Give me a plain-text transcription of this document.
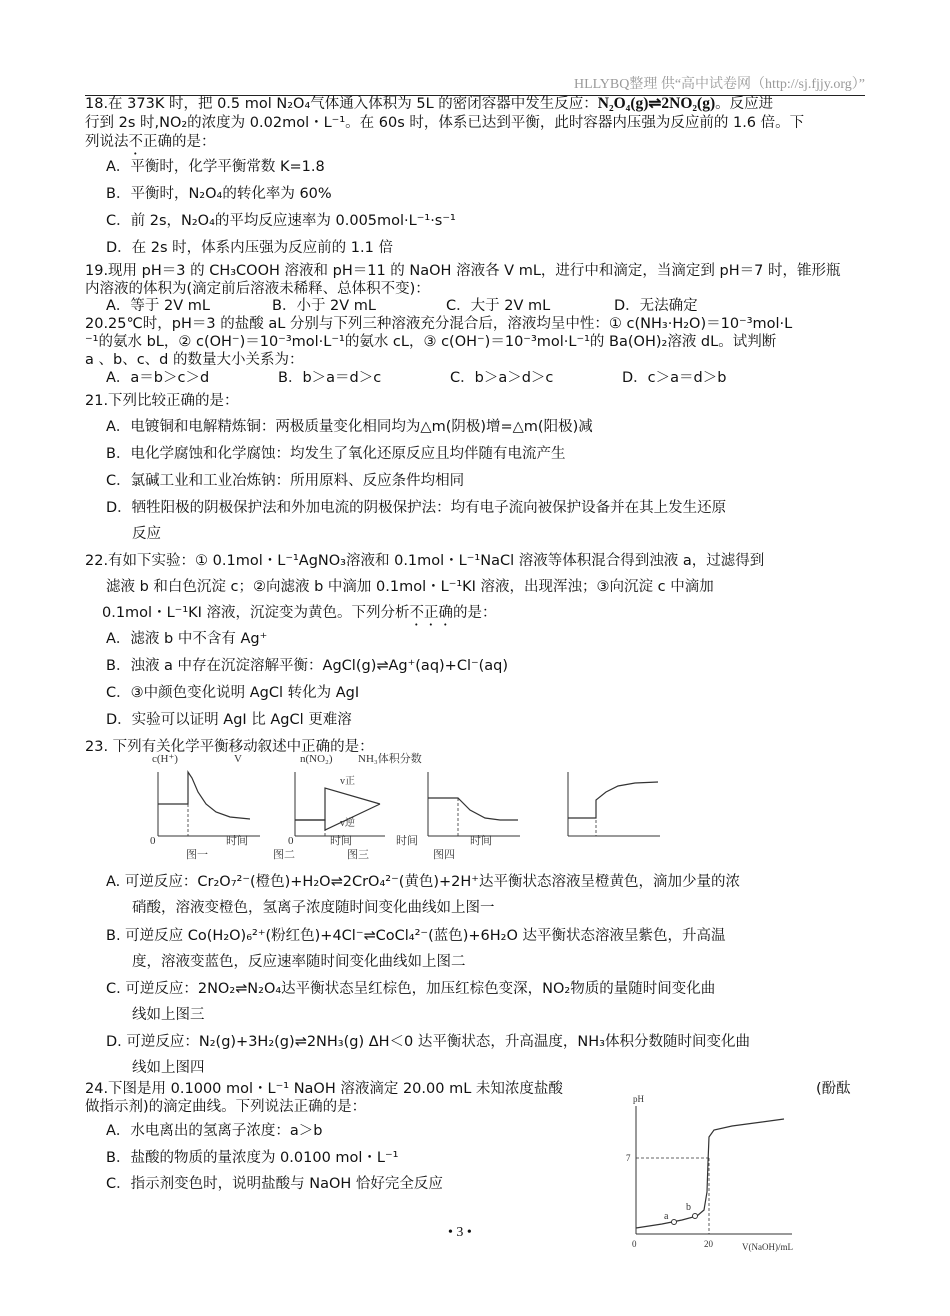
HLLYBQ整理 供“高中试卷网（http://sj.fjjy.org）”
18.在 373K 时，把 0.5 mol N₂O₄气体通入体积为 5L 的密闭容器中发生反应：N₂O₄(g)⇌2NO₂(g)。反应进
行到 2s 时,NO₂的浓度为 0.02mol・L⁻¹。在 60s 时，体系已达到平衡，此时容器内压强为反应前的 1.6 倍。下
列说法不正确的是：
A．平衡时，化学平衡常数 K=1.8
B．平衡时，N₂O₄的转化率为 60%
C．前 2s，N₂O₄的平均反应速率为 0.005mol·L⁻¹·s⁻¹
D．在 2s 时，体系内压强为反应前的 1.1 倍
19.现用 pH＝3 的 CH₃COOH 溶液和 pH＝11 的 NaOH 溶液各 V mL，进行中和滴定，当滴定到 pH＝7 时，锥形瓶
内溶液的体积为(滴定前后溶液未稀释、总体积不变)：
A．等于 2V mL	B．小于 2V mL	C．大于 2V mL	D．无法确定
20.25℃时，pH＝3 的盐酸 aL 分别与下列三种溶液充分混合后，溶液均呈中性：① c(NH₃·H₂O)＝10⁻³mol·L
⁻¹的氨水 bL，② c(OH⁻)＝10⁻³mol·L⁻¹的氨水 cL，③ c(OH⁻)＝10⁻³mol·L⁻¹的 Ba(OH)₂溶液 dL。试判断
a 、b、c、d 的数量大小关系为：
A．a＝b＞c＞d	B．b＞a＝d＞c	C．b＞a＞d＞c	D．c＞a＝d＞b
21.下列比较正确的是：
A．电镀铜和电解精炼铜：两极质量变化相同均为△m(阴极)增=△m(阳极)减
B．电化学腐蚀和化学腐蚀：均发生了氧化还原反应且均伴随有电流产生
C．氯碱工业和工业冶炼钠：所用原料、反应条件均相同
D．牺牲阳极的阴极保护法和外加电流的阴极保护法：均有电子流向被保护设备并在其上发生还原
反应
22.有如下实验：① 0.1mol・L⁻¹AgNO₃溶液和 0.1mol・L⁻¹NaCl 溶液等体积混合得到浊液 a，过滤得到
滤液 b 和白色沉淀 c；②向滤液 b 中滴加 0.1mol・L⁻¹KI 溶液，出现浑浊；③向沉淀 c 中滴加
0.1mol・L⁻¹KI 溶液，沉淀变为黄色。下列分析不正确的是：
A．滤液 b 中不含有 Ag⁺
B．浊液 a 中存在沉淀溶解平衡：AgCl(g)⇌Ag⁺(aq)+Cl⁻(aq)
C．③中颜色变化说明 AgCl 转化为 AgI
D．实验可以证明 AgI 比 AgCl 更难溶
23. 下列有关化学平衡移动叙述中正确的是：
c(H⁺)	V
0	时间
图一
n(NO₂)
v正
v逆
0	时间
图二	图三
NH₃体积分数
时间	时间
图四
A. 可逆反应：Cr₂O₇²⁻(橙色)+H₂O⇌2CrO₄²⁻(黄色)+2H⁺达平衡状态溶液呈橙黄色，滴加少量的浓
硝酸，溶液变橙色，氢离子浓度随时间变化曲线如上图一
B. 可逆反应 Co(H₂O)₆²⁺(粉红色)+4Cl⁻⇌CoCl₄²⁻(蓝色)+6H₂O 达平衡状态溶液呈紫色，升高温
度，溶液变蓝色，反应速率随时间变化曲线如上图二
C. 可逆反应：2NO₂⇌N₂O₄达平衡状态呈红棕色，加压红棕色变深，NO₂物质的量随时间变化曲
线如上图三
D. 可逆反应：N₂(g)+3H₂(g)⇌2NH₃(g) ΔH＜0 达平衡状态，升高温度，NH₃体积分数随时间变化曲
线如上图四
24.下图是用 0.1000 mol・L⁻¹ NaOH 溶液滴定 20.00 mL 未知浓度盐酸	(酚酞
做指示剂)的滴定曲线。下列说法正确的是：
A．水电离出的氢离子浓度：a＞b
B．盐酸的物质的量浓度为 0.0100 mol・L⁻¹
C．指示剂变色时，说明盐酸与 NaOH 恰好完全反应
pH
7
0	20	V(NaOH)/mL
a
b
• 3 •
